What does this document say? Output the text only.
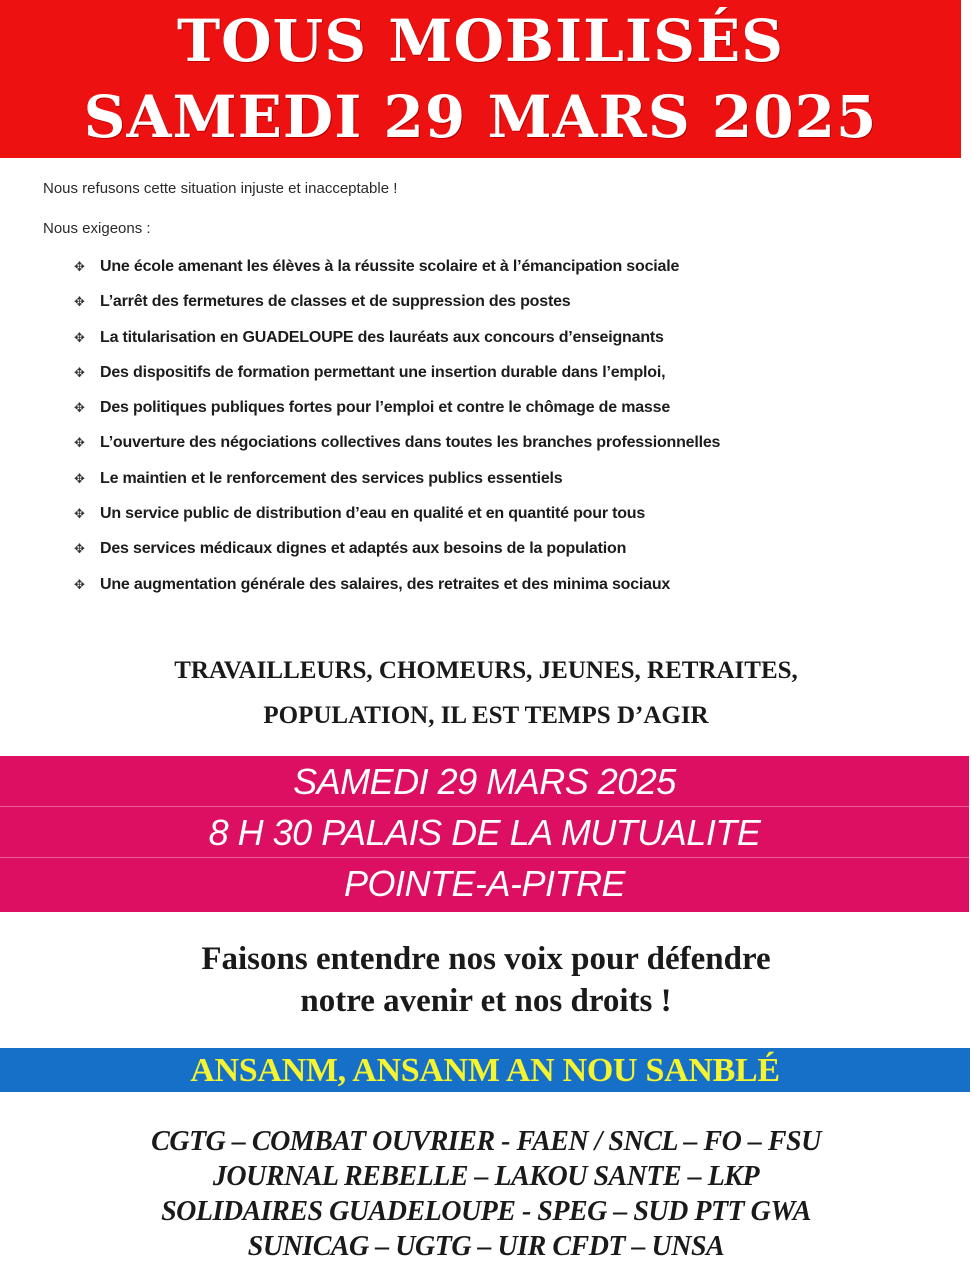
TOUS MOBILISÉS
SAMEDI 29 MARS 2025

Nous refusons cette situation injuste et inacceptable !

Nous exigeons :

✥ Une école amenant les élèves à la réussite scolaire et à l’émancipation sociale
✥ L’arrêt des fermetures de classes et de suppression des postes
✥ La titularisation en GUADELOUPE des lauréats aux concours d’enseignants
✥ Des dispositifs de formation permettant une insertion durable dans l’emploi,
✥ Des politiques publiques fortes pour l’emploi et contre le chômage de masse
✥ L’ouverture des négociations collectives dans toutes les branches professionnelles
✥ Le maintien et le renforcement des services publics essentiels
✥ Un service public de distribution d’eau en qualité et en quantité pour tous
✥ Des services médicaux dignes et adaptés aux besoins de la population
✥ Une augmentation générale des salaires, des retraites et des minima sociaux
TRAVAILLEURS, CHOMEURS, JEUNES, RETRAITES,
POPULATION, IL EST TEMPS D’AGIR
SAMEDI 29 MARS 2025
8 H 30 PALAIS DE LA MUTUALITE
POINTE-A-PITRE
Faisons entendre nos voix pour défendre
notre avenir et nos droits !
ANSANM, ANSANM AN NOU SANBLÉ
CGTG – COMBAT OUVRIER - FAEN / SNCL – FO – FSU
JOURNAL REBELLE – LAKOU SANTE – LKP
SOLIDAIRES GUADELOUPE - SPEG – SUD PTT GWA
SUNICAG – UGTG – UIR CFDT – UNSA
